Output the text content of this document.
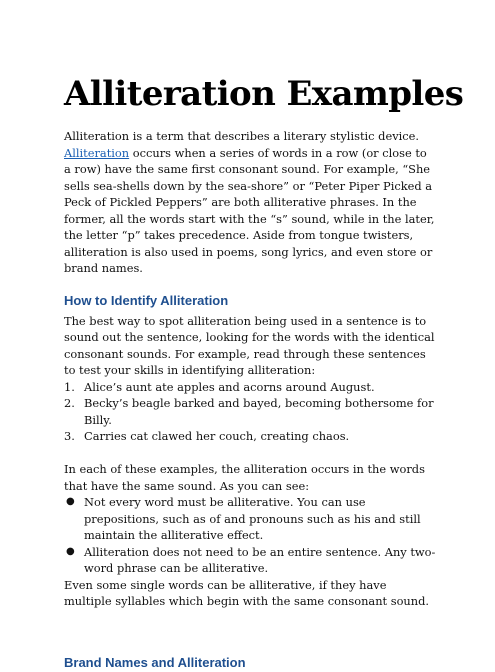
Alliteration Examples

Alliteration is a term that describes a literary stylistic device. Alliteration occurs when a series of words in a row (or close to a row) have the same first consonant sound. For example, “She sells sea-shells down by the sea-shore” or “Peter Piper Picked a Peck of Pickled Peppers” are both alliterative phrases. In the former, all the words start with the “s” sound, while in the later, the letter “p” takes precedence. Aside from tongue twisters, alliteration is also used in poems, song lyrics, and even store or brand names.

How to Identify Alliteration

The best way to spot alliteration being used in a sentence is to sound out the sentence, looking for the words with the identical consonant sounds. For example, read through these sentences to test your skills in identifying alliteration:

1. Alice’s aunt ate apples and acorns around August.
2. Becky’s beagle barked and bayed, becoming bothersome for Billy.
3. Carries cat clawed her couch, creating chaos.

In each of these examples, the alliteration occurs in the words that have the same sound. As you can see:

● Not every word must be alliterative. You can use prepositions, such as of and pronouns such as his and still maintain the alliterative effect.
● Alliteration does not need to be an entire sentence. Any two-word phrase can be alliterative.

Even some single words can be alliterative, if they have multiple syllables which begin with the same consonant sound.

Brand Names and Alliteration
